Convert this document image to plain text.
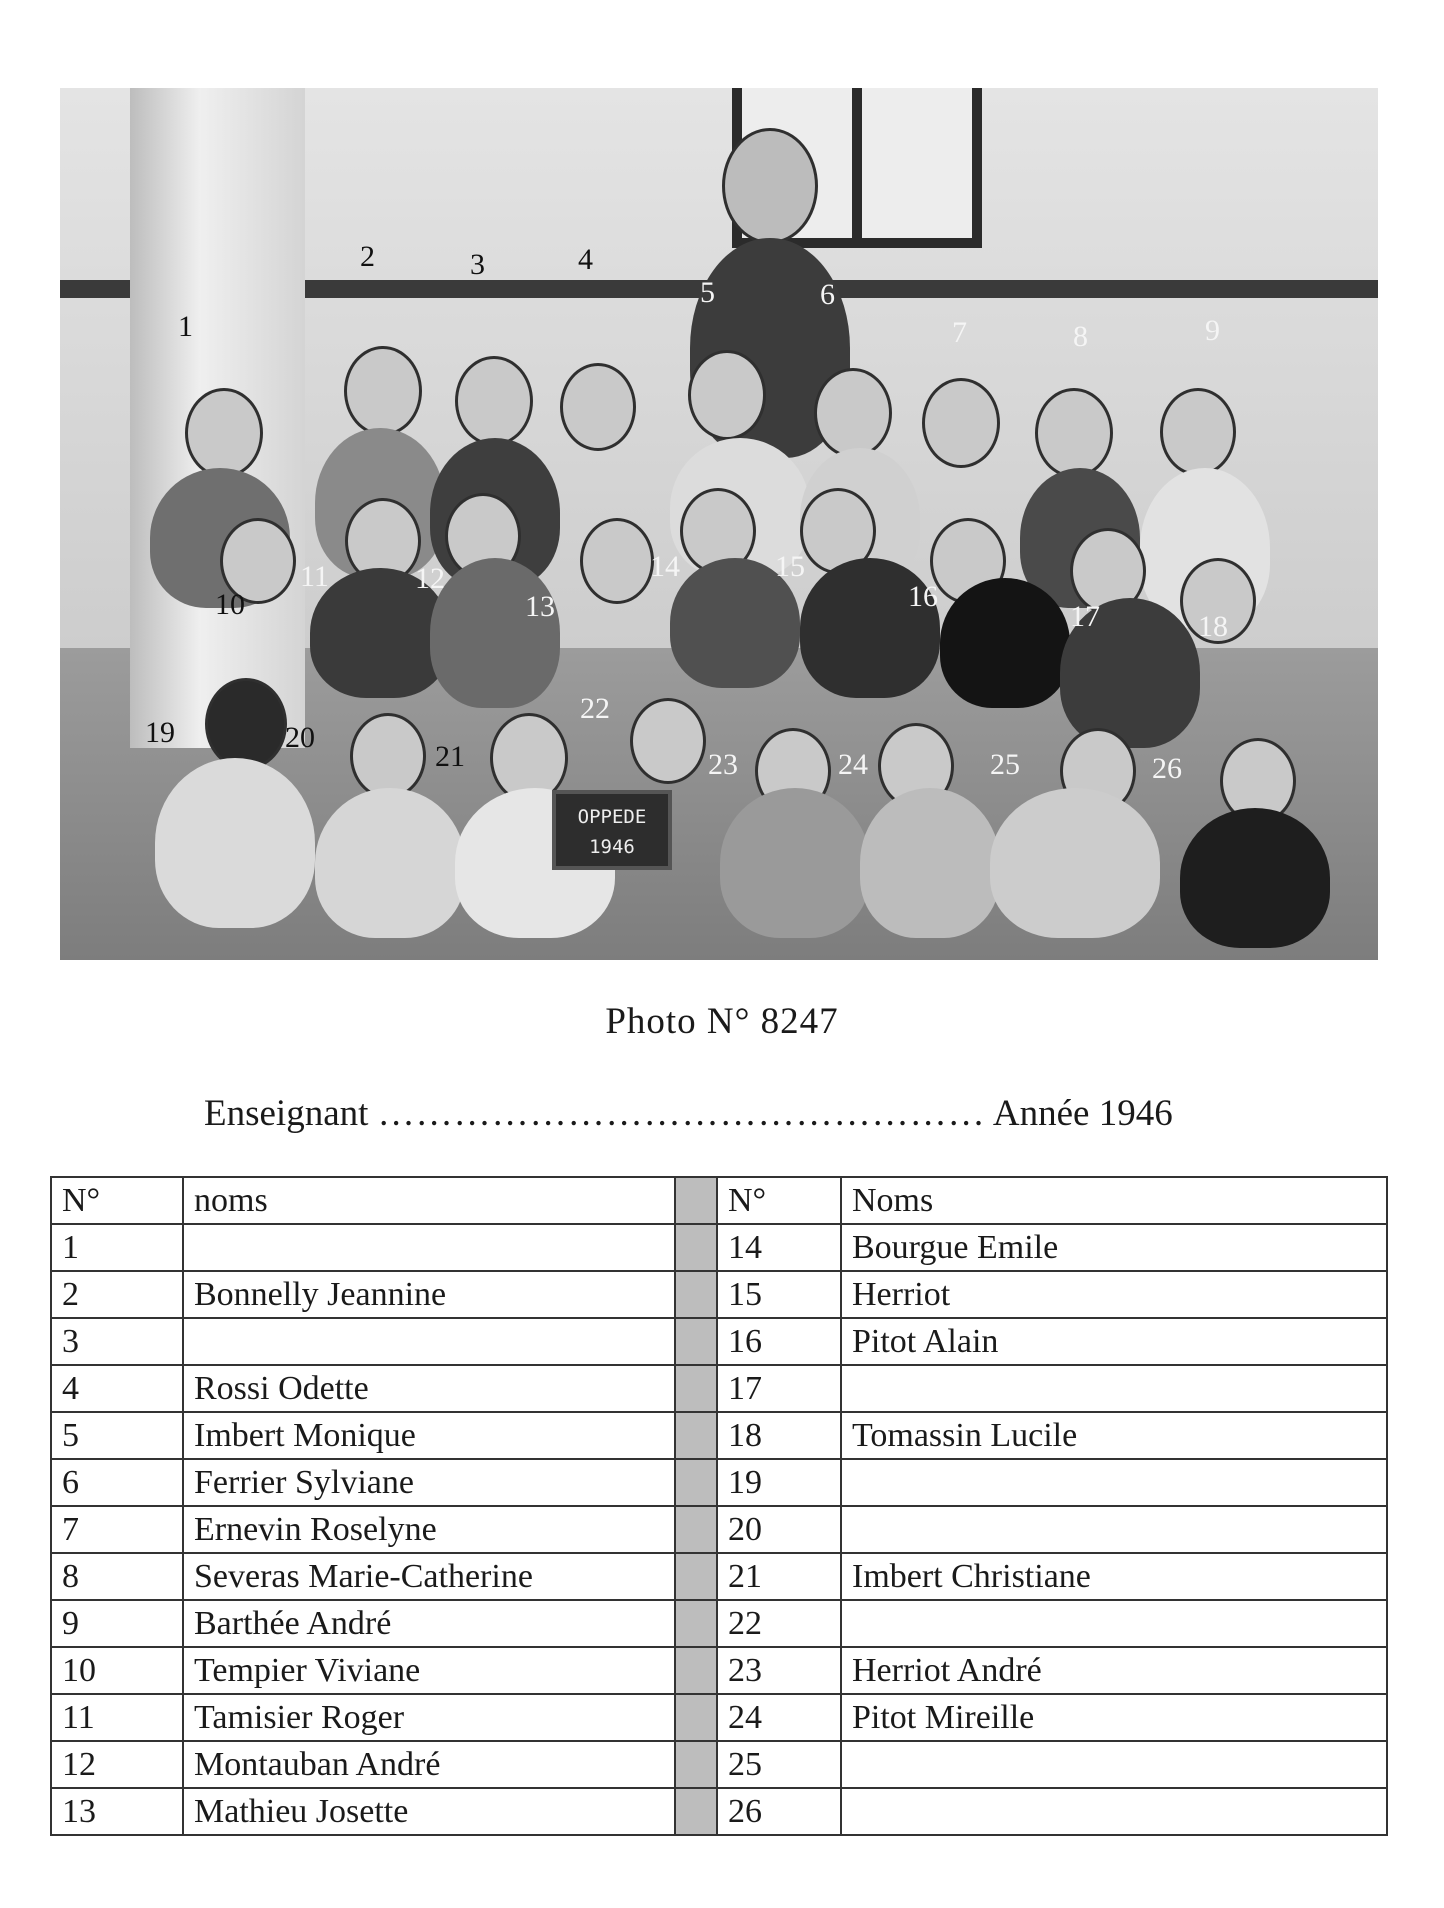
OPPEDE
1946
1
2	3	4
5	6
7	8	9
10
11	12
13
14	15
16
17	18
19	20
21
22
23	24	25	26
Photo N° 8247
Enseignant ………………………………………… Année 1946
N°	noms		N°	Noms
1			14	Bourgue Emile
2	Bonnelly Jeannine		15	Herriot
3			16	Pitot Alain
4	Rossi Odette		17	
5	Imbert Monique		18	Tomassin Lucile
6	Ferrier Sylviane		19	
7	Ernevin Roselyne		20	
8	Severas Marie-Catherine		21	Imbert Christiane
9	Barthée André		22	
10	Tempier Viviane		23	Herriot André
11	Tamisier Roger		24	Pitot Mireille
12	Montauban André		25	
13	Mathieu Josette		26	
